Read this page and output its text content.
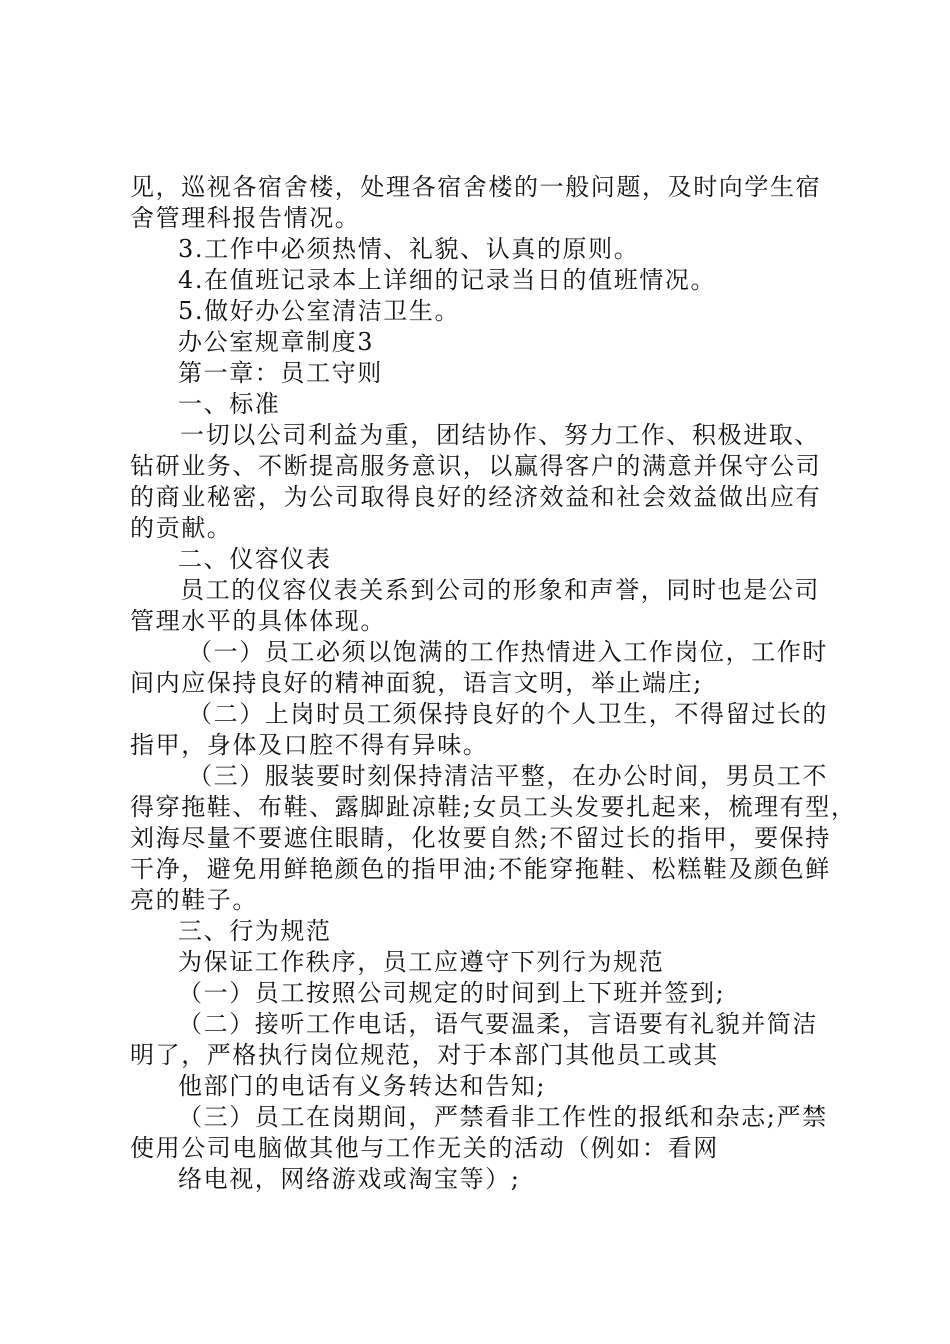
见，巡视各宿舍楼，处理各宿舍楼的一般问题，及时向学生宿
舍管理科报告情况。
3.工作中必须热情、礼貌、认真的原则。
4.在值班记录本上详细的记录当日的值班情况。
5.做好办公室清洁卫生。
办公室规章制度3
第一章：员工守则
一、标准
一切以公司利益为重，团结协作、努力工作、积极进取、
钻研业务、不断提高服务意识，以赢得客户的满意并保守公司
的商业秘密，为公司取得良好的经济效益和社会效益做出应有
的贡献。
二、仪容仪表
员工的仪容仪表关系到公司的形象和声誉，同时也是公司
管理水平的具体体现。
（一）员工必须以饱满的工作热情进入工作岗位，工作时
间内应保持良好的精神面貌，语言文明，举止端庄;
（二）上岗时员工须保持良好的个人卫生，不得留过长的
指甲，身体及口腔不得有异味。
（三）服装要时刻保持清洁平整，在办公时间，男员工不
得穿拖鞋、布鞋、露脚趾凉鞋;女员工头发要扎起来，梳理有型，
刘海尽量不要遮住眼睛，化妆要自然;不留过长的指甲，要保持
干净，避免用鲜艳颜色的指甲油;不能穿拖鞋、松糕鞋及颜色鲜
亮的鞋子。
三、行为规范
为保证工作秩序，员工应遵守下列行为规范
（一）员工按照公司规定的时间到上下班并签到;
（二）接听工作电话，语气要温柔，言语要有礼貌并简洁
明了，严格执行岗位规范，对于本部门其他员工或其
他部门的电话有义务转达和告知;
（三）员工在岗期间，严禁看非工作性的报纸和杂志;严禁
使用公司电脑做其他与工作无关的活动（例如：看网
络电视，网络游戏或淘宝等）;
